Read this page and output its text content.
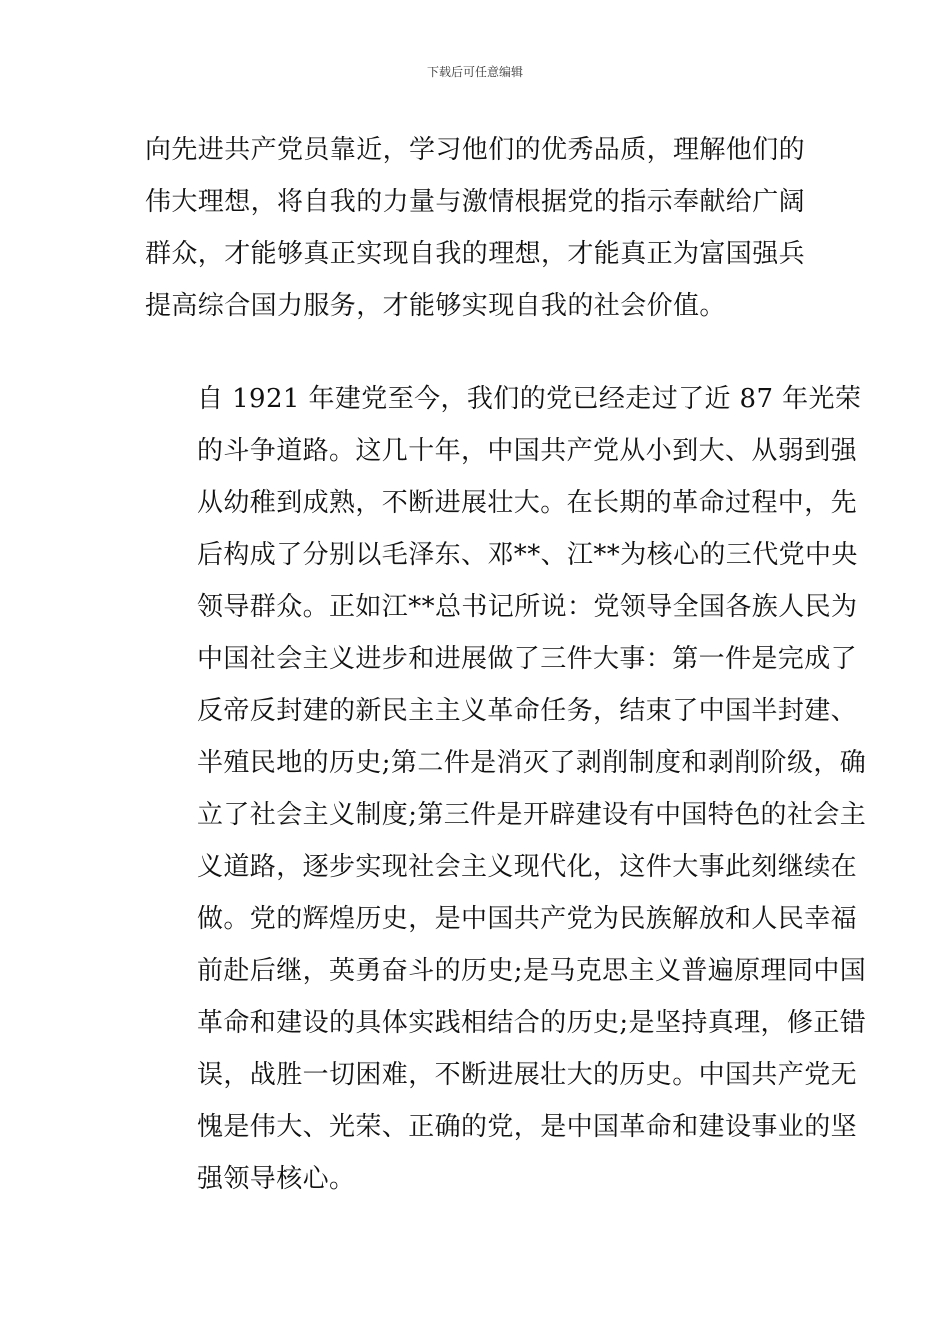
下载后可任意编辑

向先进共产党员靠近，学习他们的优秀品质，理解他们的
伟大理想，将自我的力量与激情根据党的指示奉献给广阔
群众，才能够真正实现自我的理想，才能真正为富国强兵
提高综合国力服务，才能够实现自我的社会价值。

自 1921 年建党至今，我们的党已经走过了近 87 年光荣
的斗争道路。这几十年，中国共产党从小到大、从弱到强
从幼稚到成熟，不断进展壮大。在长期的革命过程中，先
后构成了分别以毛泽东、邓**、江**为核心的三代党中央
领导群众。正如江**总书记所说：党领导全国各族人民为
中国社会主义进步和进展做了三件大事：第一件是完成了
反帝反封建的新民主主义革命任务，结束了中国半封建、
半殖民地的历史;第二件是消灭了剥削制度和剥削阶级，确
立了社会主义制度;第三件是开辟建设有中国特色的社会主
义道路，逐步实现社会主义现代化，这件大事此刻继续在
做。党的辉煌历史，是中国共产党为民族解放和人民幸福
前赴后继，英勇奋斗的历史;是马克思主义普遍原理同中国
革命和建设的具体实践相结合的历史;是坚持真理，修正错
误，战胜一切困难，不断进展壮大的历史。中国共产党无
愧是伟大、光荣、正确的党，是中国革命和建设事业的坚
强领导核心。
